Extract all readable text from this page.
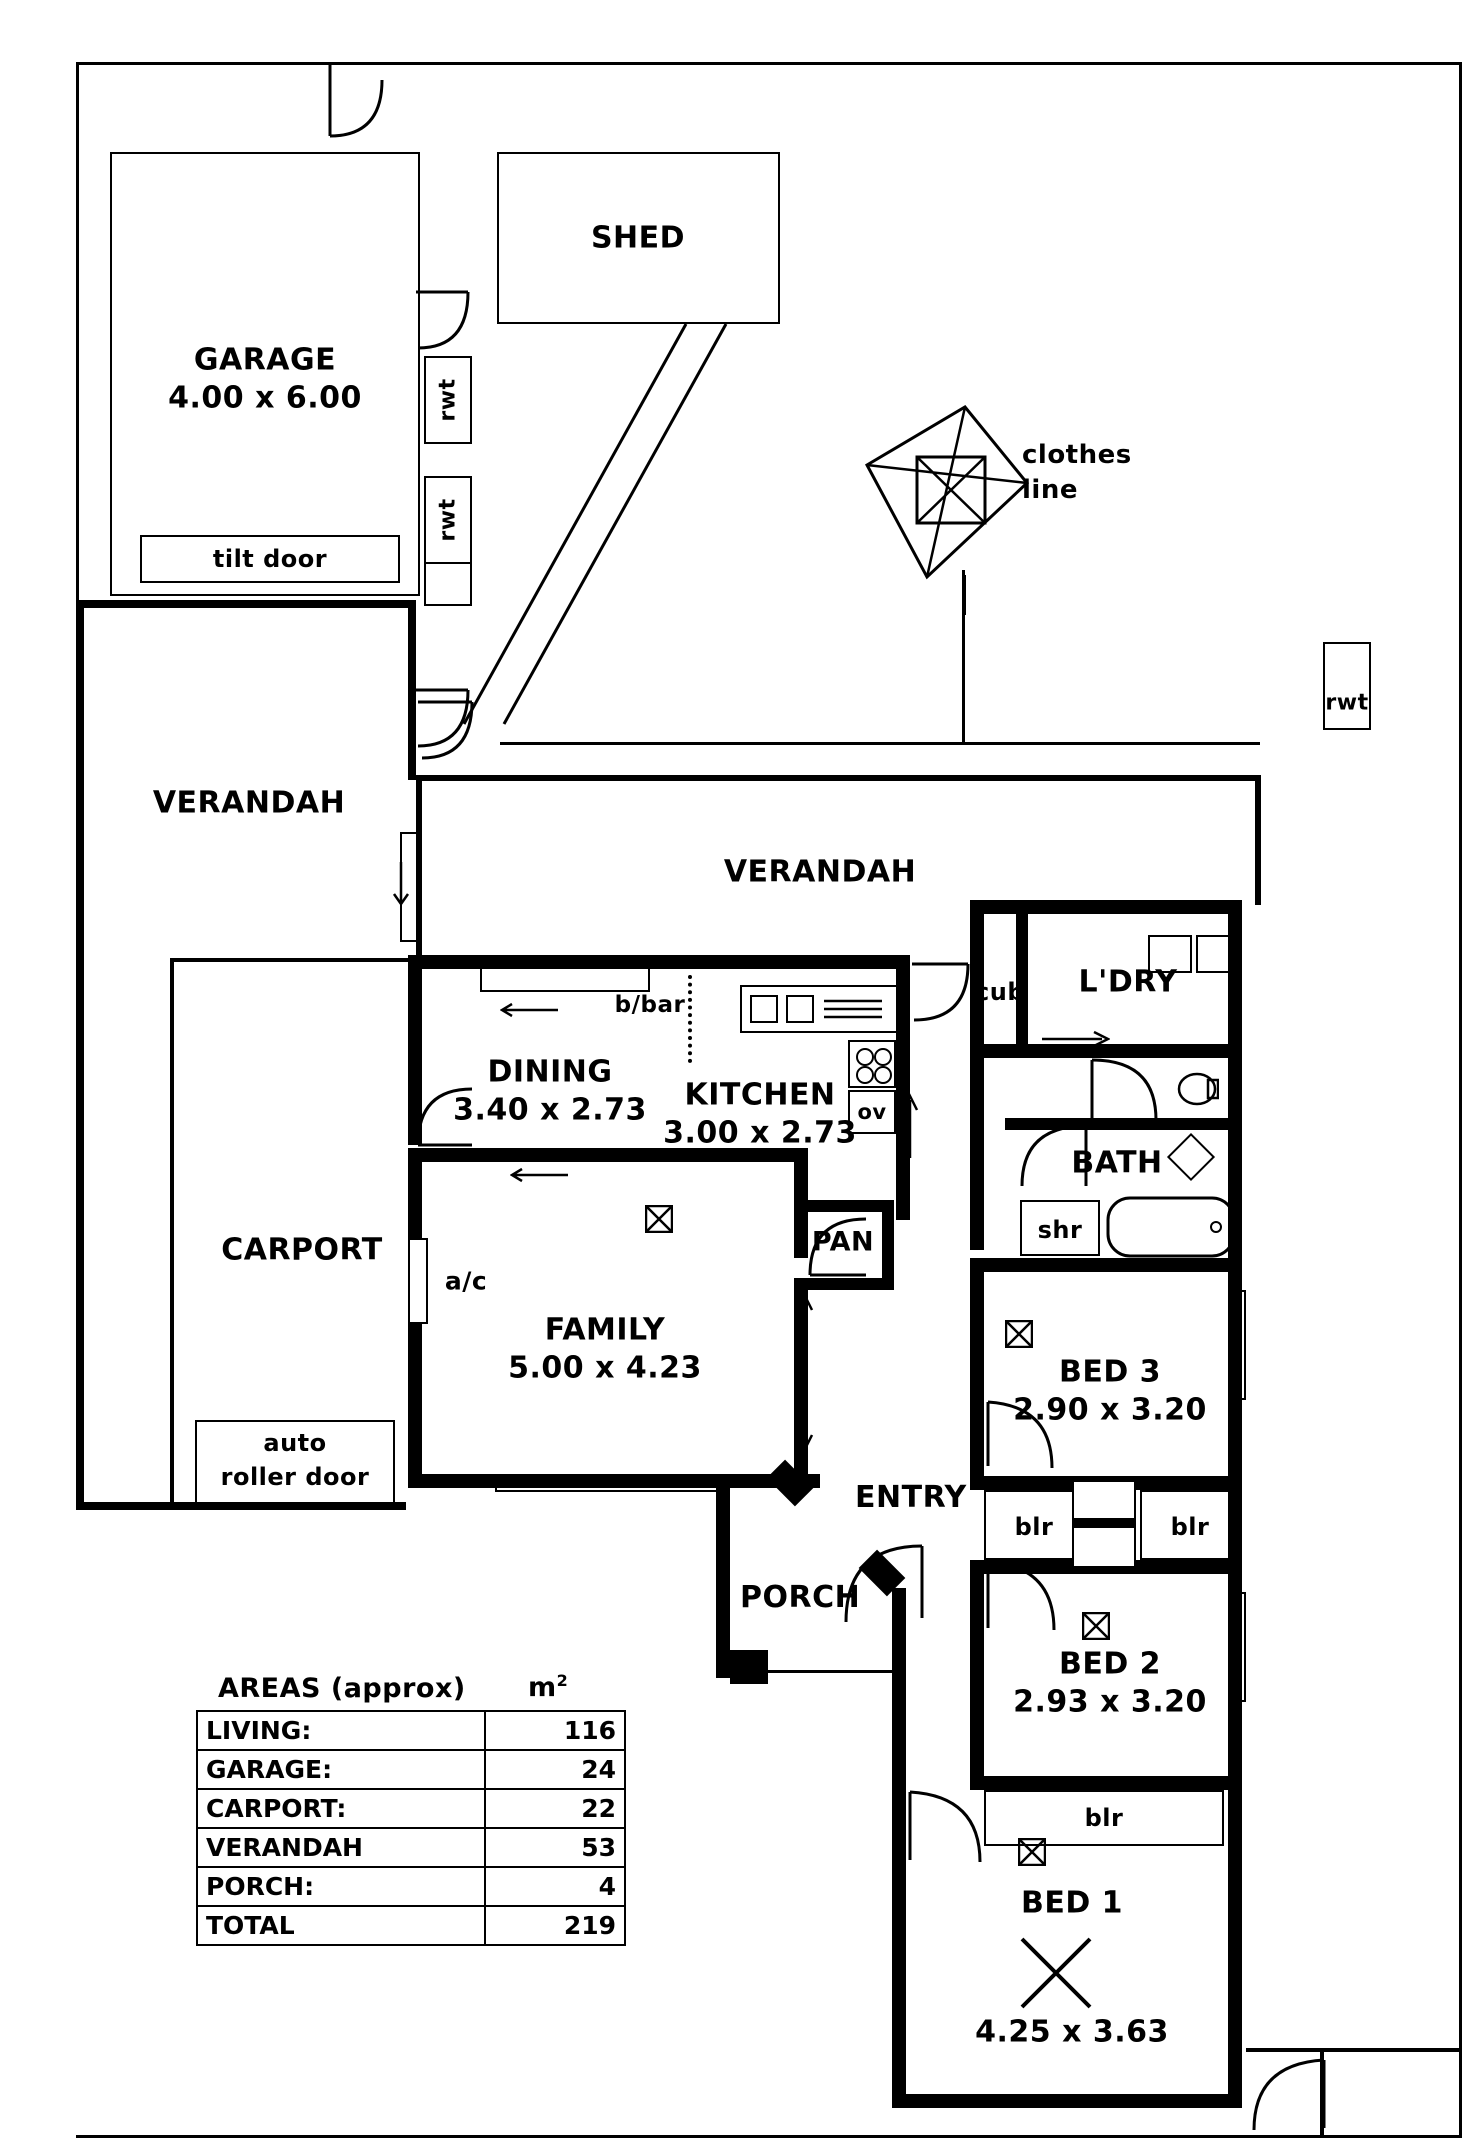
GARAGE
4.00 x 6.00
tilt door
rwt
rwt
rwt
SHED
clothes
line
VERANDAH
VERANDAH
CARPORT
auto
roller door
b/bar
ov
DINING
3.40 x 2.73 KITCHEN
3.00 x 2.73
FAMILY
5.00 x 4.23
a/c
PAN
cub L'DRY
BATH
shr
BED 3
2.90 x 3.20
blr	blr
BED 2
2.93 x 3.20
blr
BED 1
4.25 x 3.63
ENTRY
PORCH
AREAS (approx) $m^2$
LIVING:	116
GARAGE:	24
CARPORT:	22
VERANDAH	53
PORCH:	4
TOTAL	219
